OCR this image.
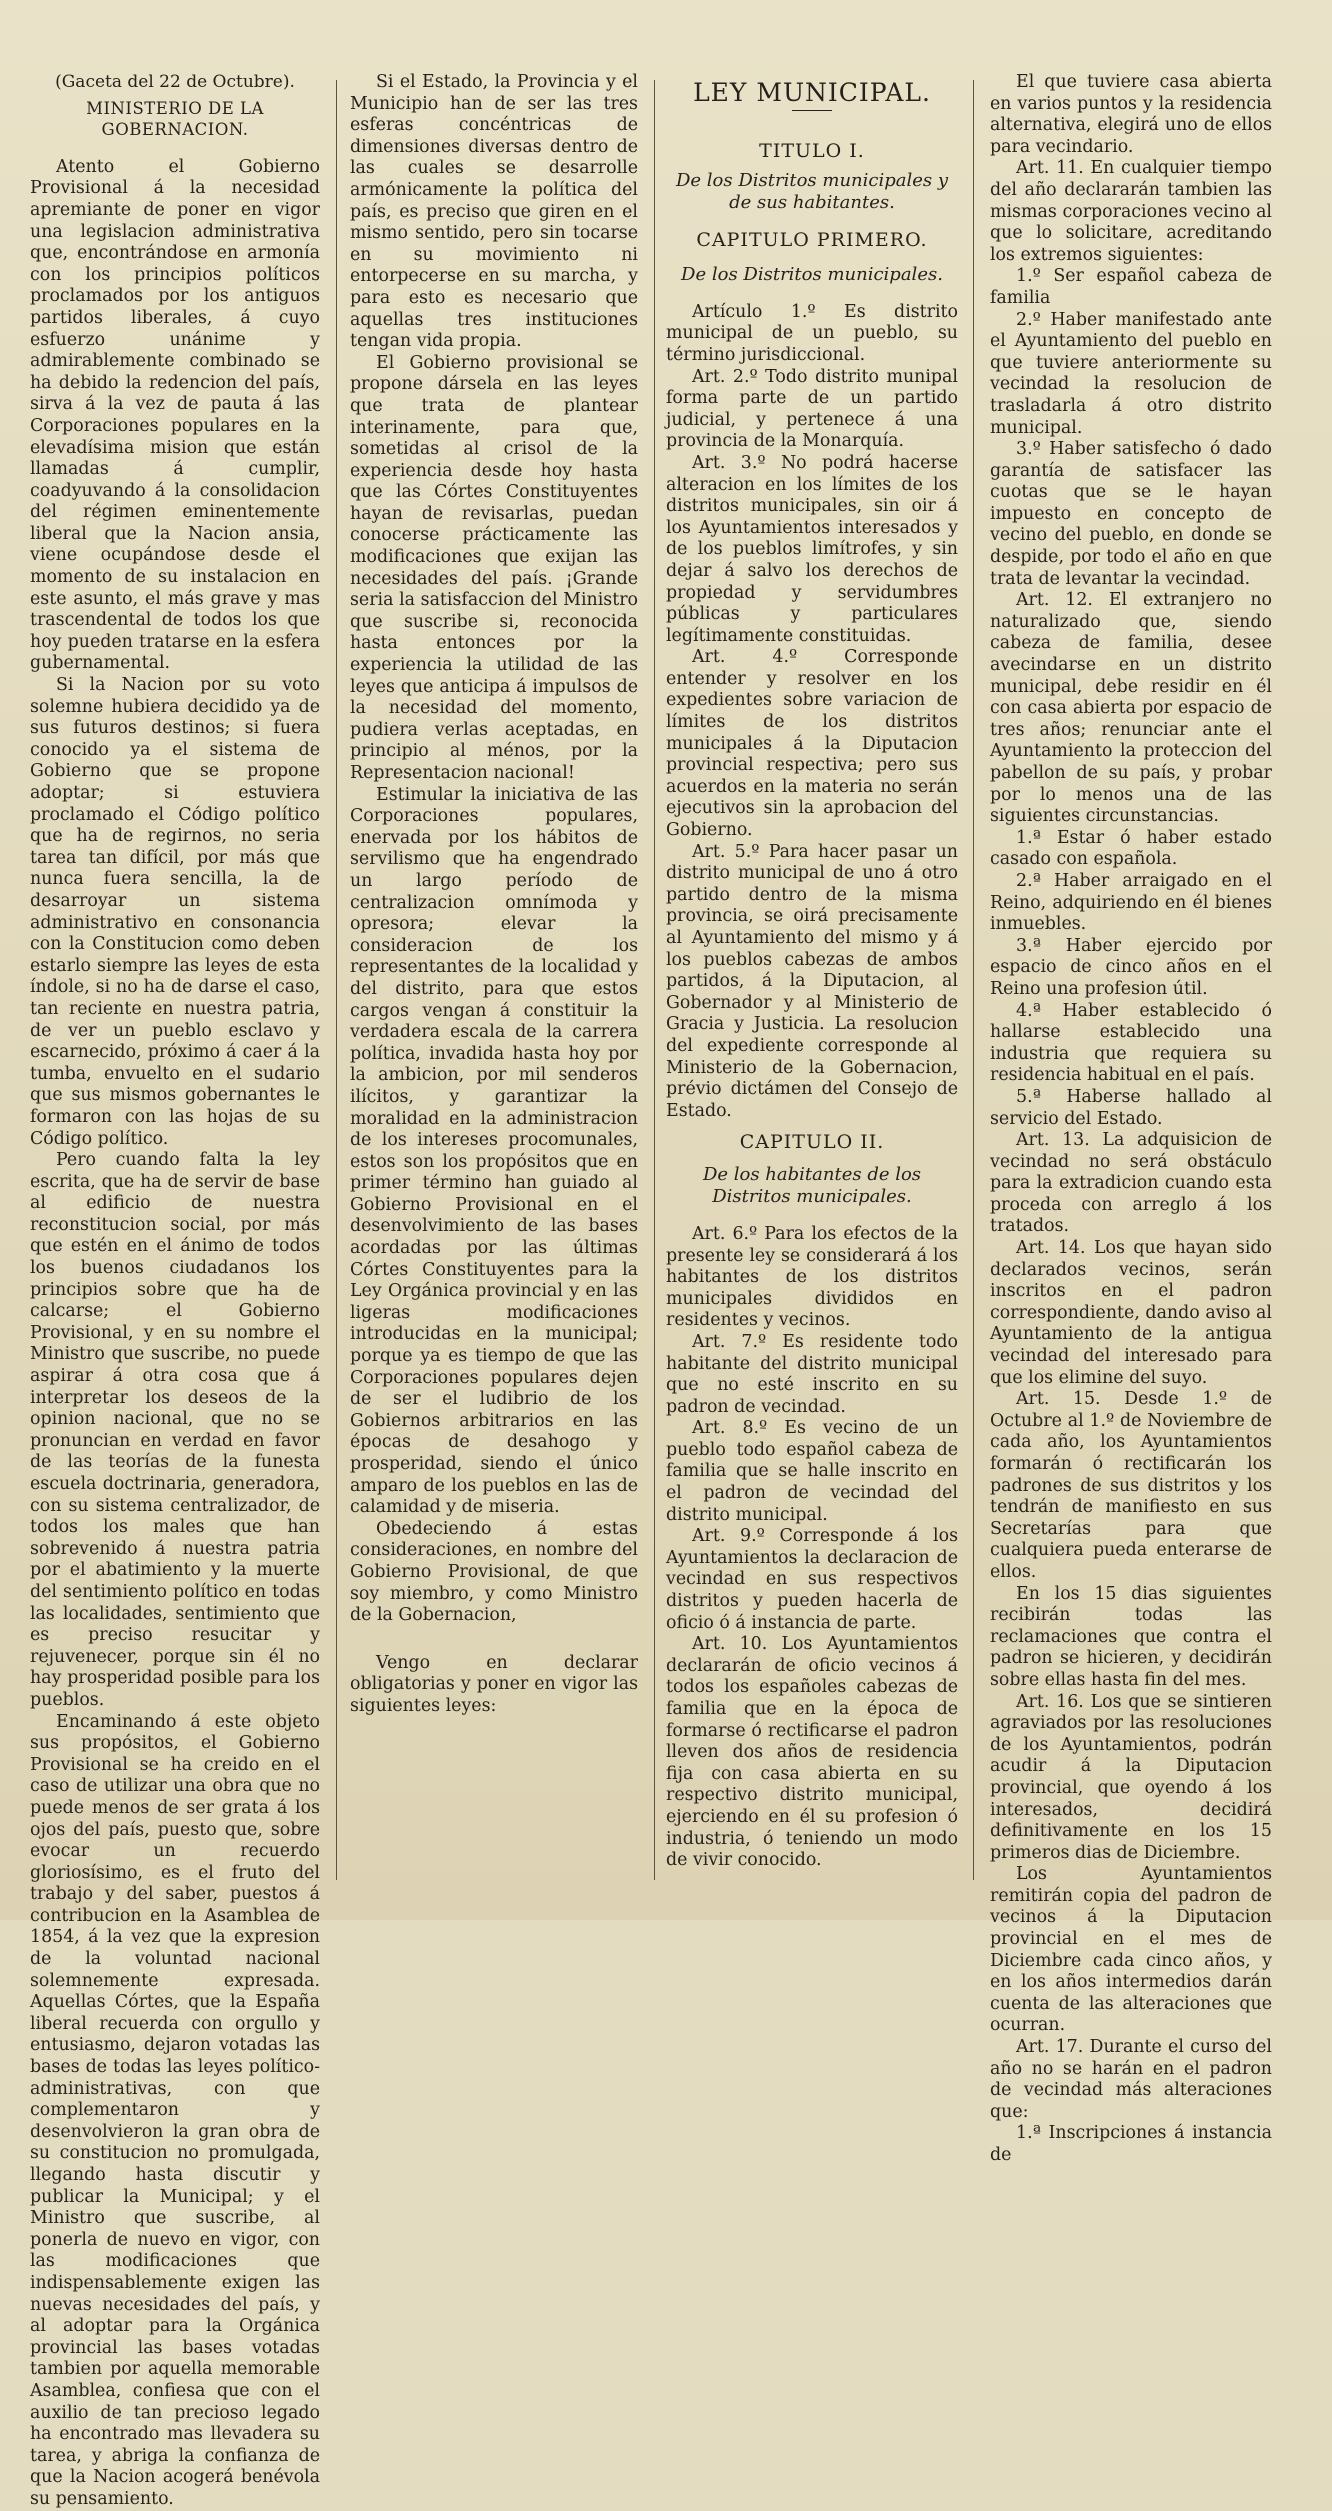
(Gaceta del 22 de Octubre).
MINISTERIO DE LA GOBERNACION.

Atento el Gobierno Provisional á la necesidad apremiante de poner en vigor una legislacion administrativa que, encontrándose en armonía con los principios políticos proclamados por los antiguos partidos liberales, á cuyo esfuerzo unánime y admirablemente combinado se ha debido la redencion del país, sirva á la vez de pauta á las Corporaciones populares en la elevadísima mision que están llamadas á cumplir, coadyuvando á la consolidacion del régimen eminentemente liberal que la Nacion ansia, viene ocupándose desde el momento de su instalacion en este asunto, el más grave y mas trascendental de todos los que hoy pueden tratarse en la esfera gubernamental.

Si la Nacion por su voto solemne hubiera decidido ya de sus futuros destinos; si fuera conocido ya el sistema de Gobierno que se propone adoptar; si estuviera proclamado el Código político que ha de regirnos, no seria tarea tan difícil, por más que nunca fuera sencilla, la de desarroyar un sistema administrativo en consonancia con la Constitucion como deben estarlo siempre las leyes de esta índole, si no ha de darse el caso, tan reciente en nuestra patria, de ver un pueblo esclavo y escarnecido, próximo á caer á la tumba, envuelto en el sudario que sus mismos gobernantes le formaron con las hojas de su Código político.

Pero cuando falta la ley escrita, que ha de servir de base al edificio de nuestra reconstitucion social, por más que estén en el ánimo de todos los buenos ciudadanos los principios sobre que ha de calcarse; el Gobierno Provisional, y en su nombre el Ministro que suscribe, no puede aspirar á otra cosa que á interpretar los deseos de la opinion nacional, que no se pronuncian en verdad en favor de las teorías de la funesta escuela doctrinaria, generadora, con su sistema centralizador, de todos los males que han sobrevenido á nuestra patria por el abatimiento y la muerte del sentimiento político en todas las localidades, sentimiento que es preciso resucitar y rejuvenecer, porque sin él no hay prosperidad posible para los pueblos.

Encaminando á este objeto sus propósitos, el Gobierno Provisional se ha creido en el caso de utilizar una obra que no puede menos de ser grata á los ojos del país, puesto que, sobre evocar un recuerdo gloriosísimo, es el fruto del trabajo y del saber, puestos á contribucion en la Asamblea de 1854, á la vez que la expresion de la voluntad nacional solemnemente expresada. Aquellas Córtes, que la España liberal recuerda con orgullo y entusiasmo, dejaron votadas las bases de todas las leyes político-administrativas, con que complementaron y desenvolvieron la gran obra de su constitucion no promulgada, llegando hasta discutir y publicar la Municipal; y el Ministro que suscribe, al ponerla de nuevo en vigor, con las modificaciones que indispensablemente exigen las nuevas necesidades del país, y al adoptar para la Orgánica provincial las bases votadas tambien por aquella memorable Asamblea, confiesa que con el auxilio de tan precioso legado ha encontrado mas llevadera su tarea, y abriga la confianza de que la Nacion acogerá benévola su pensamiento.

Si el Estado, la Provincia y el Municipio han de ser las tres esferas concéntricas de dimensiones diversas dentro de las cuales se desarrolle armónicamente la política del país, es preciso que giren en el mismo sentido, pero sin tocarse en su movimiento ni entorpecerse en su marcha, y para esto es necesario que aquellas tres instituciones tengan vida propia.

El Gobierno provisional se propone dársela en las leyes que trata de plantear interinamente, para que, sometidas al crisol de la experiencia desde hoy hasta que las Córtes Constituyentes hayan de revisarlas, puedan conocerse prácticamente las modificaciones que exijan las necesidades del país. ¡Grande seria la satisfaccion del Ministro que suscribe si, reconocida hasta entonces por la experiencia la utilidad de las leyes que anticipa á impulsos de la necesidad del momento, pudiera verlas aceptadas, en principio al ménos, por la Representacion nacional!

Estimular la iniciativa de las Corporaciones populares, enervada por los hábitos de servilismo que ha engendrado un largo período de centralizacion omnímoda y opresora; elevar la consideracion de los representantes de la localidad y del distrito, para que estos cargos vengan á constituir la verdadera escala de la carrera política, invadida hasta hoy por la ambicion, por mil senderos ilícitos, y garantizar la moralidad en la administracion de los intereses procomunales, estos son los propósitos que en primer término han guiado al Gobierno Provisional en el desenvolvimiento de las bases acordadas por las últimas Córtes Constituyentes para la Ley Orgánica provincial y en las ligeras modificaciones introducidas en la municipal; porque ya es tiempo de que las Corporaciones populares dejen de ser el ludibrio de los Gobiernos arbitrarios en las épocas de desahogo y prosperidad, siendo el único amparo de los pueblos en las de calamidad y de miseria.

Obedeciendo á estas consideraciones, en nombre del Gobierno Provisional, de que soy miembro, y como Ministro de la Gobernacion,

Vengo en declarar obligatorias y poner en vigor las siguientes leyes:

LEY MUNICIPAL.
TITULO I.
De los Distritos municipales y de sus habitantes.
CAPITULO PRIMERO.
De los Distritos municipales.

Artículo 1.º Es distrito municipal de un pueblo, su término jurisdiccional.

Art. 2.º Todo distrito munipal forma parte de un partido judicial, y pertenece á una provincia de la Monarquía.

Art. 3.º No podrá hacerse alteracion en los límites de los distritos municipales, sin oir á los Ayuntamientos interesados y de los pueblos limítrofes, y sin dejar á salvo los derechos de propiedad y servidumbres públicas y particulares legítimamente constituidas.

Art. 4.º Corresponde entender y resolver en los expedientes sobre variacion de límites de los distritos municipales á la Diputacion provincial respectiva; pero sus acuerdos en la materia no serán ejecutivos sin la aprobacion del Gobierno.

Art. 5.º Para hacer pasar un distrito municipal de uno á otro partido dentro de la misma provincia, se oirá precisamente al Ayuntamiento del mismo y á los pueblos cabezas de ambos partidos, á la Diputacion, al Gobernador y al Ministerio de Gracia y Justicia. La resolucion del expediente corresponde al Ministerio de la Gobernacion, prévio dictámen del Consejo de Estado.

CAPITULO II.
De los habitantes de los Distritos municipales.

Art. 6.º Para los efectos de la presente ley se considerará á los habitantes de los distritos municipales divididos en residentes y vecinos.

Art. 7.º Es residente todo habitante del distrito municipal que no esté inscrito en su padron de vecindad.

Art. 8.º Es vecino de un pueblo todo español cabeza de familia que se halle inscrito en el padron de vecindad del distrito municipal.

Art. 9.º Corresponde á los Ayuntamientos la declaracion de vecindad en sus respectivos distritos y pueden hacerla de oficio ó á instancia de parte.

Art. 10. Los Ayuntamientos declararán de oficio vecinos á todos los españoles cabezas de familia que en la época de formarse ó rectificarse el padron lleven dos años de residencia fija con casa abierta en su respectivo distrito municipal, ejerciendo en él su profesion ó industria, ó teniendo un modo de vivir conocido.

El que tuviere casa abierta en varios puntos y la residencia alternativa, elegirá uno de ellos para vecindario.

Art. 11. En cualquier tiempo del año declararán tambien las mismas corporaciones vecino al que lo solicitare, acreditando los extremos siguientes:

1.º Ser español cabeza de familia

2.º Haber manifestado ante el Ayuntamiento del pueblo en que tuviere anteriormente su vecindad la resolucion de trasladarla á otro distrito municipal.

3.º Haber satisfecho ó dado garantía de satisfacer las cuotas que se le hayan impuesto en concepto de vecino del pueblo, en donde se despide, por todo el año en que trata de levantar la vecindad.

Art. 12. El extranjero no naturalizado que, siendo cabeza de familia, desee avecindarse en un distrito municipal, debe residir en él con casa abierta por espacio de tres años; renunciar ante el Ayuntamiento la proteccion del pabellon de su país, y probar por lo menos una de las siguientes circunstancias.

1.ª Estar ó haber estado casado con española.

2.ª Haber arraigado en el Reino, adquiriendo en él bienes inmuebles.

3.ª Haber ejercido por espacio de cinco años en el Reino una profesion útil.

4.ª Haber establecido ó hallarse establecido una industria que requiera su residencia habitual en el país.

5.ª Haberse hallado al servicio del Estado.

Art. 13. La adquisicion de vecindad no será obstáculo para la extradicion cuando esta proceda con arreglo á los tratados.

Art. 14. Los que hayan sido declarados vecinos, serán inscritos en el padron correspondiente, dando aviso al Ayuntamiento de la antigua vecindad del interesado para que los elimine del suyo.

Art. 15. Desde 1.º de Octubre al 1.º de Noviembre de cada año, los Ayuntamientos formarán ó rectificarán los padrones de sus distritos y los tendrán de manifiesto en sus Secretarías para que cualquiera pueda enterarse de ellos.

En los 15 dias siguientes recibirán todas las reclamaciones que contra el padron se hicieren, y decidirán sobre ellas hasta fin del mes.

Art. 16. Los que se sintieren agraviados por las resoluciones de los Ayuntamientos, podrán acudir á la Diputacion provincial, que oyendo á los interesados, decidirá definitivamente en los 15 primeros dias de Diciembre.

Los Ayuntamientos remitirán copia del padron de vecinos á la Diputacion provincial en el mes de Diciembre cada cinco años, y en los años intermedios darán cuenta de las alteraciones que ocurran.

Art. 17. Durante el curso del año no se harán en el padron de vecindad más alteraciones que:

1.ª Inscripciones á instancia de
